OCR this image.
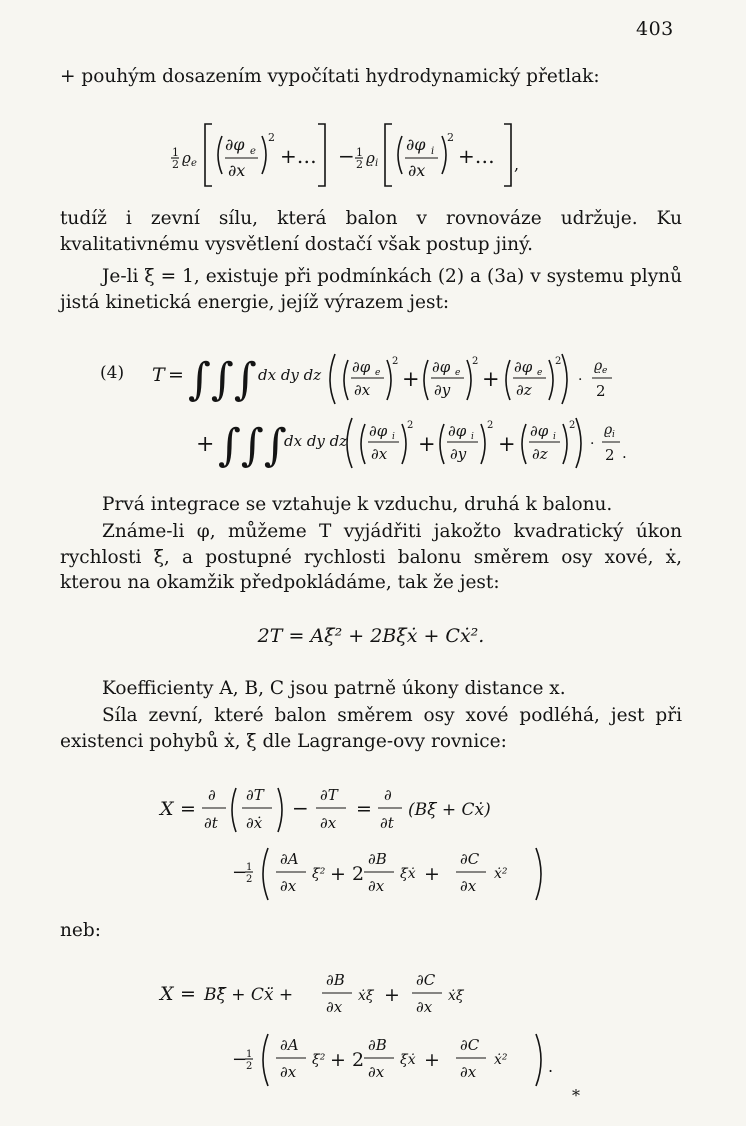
403

+ pouhým dosazením vypočítati hydrodynamický přetlak:

1
2 ϱ e
∂φ e
∂x
2
+… − 1
2 ϱ i
∂φ i
∂x
2
+… ,

tudíž i zevní sílu, která balon v rovnováze udržuje. Ku kvalitativnému vysvětlení dostačí však postup jiný.

Je-li ξ = 1, existuje při podmínkách (2) a (3a) v systemu plynů jistá kinetická energie, jejíž výrazem jest:

(4) T = ∫∫∫ dx dy dz ∂φ e
∂x
2
+ ∂φ e
∂y
2
+ ∂φ e
∂z
2
·
ϱ e
2
+ ∫∫∫
dx dy dz
∂φ i
∂x
2
+
∂φ i
∂y
2
+
∂φ i
∂z
2
·
ϱ i
2 .

Prvá integrace se vztahuje k vzduchu, druhá k balonu.

Známe-li φ, můžeme T vyjádřiti jakožto kvadratický úkon rychlosti ξ̇, a postupné rychlosti balonu směrem osy xové, ẋ, kterou na okamžik předpokládáme, tak že jest:

2T = Aξ̇² + 2Bξ̇ẋ + Cẋ².

Koefficienty A, B, C jsou patrně úkony distance x.

Síla zevní, které balon směrem osy xové podléhá, jest při existenci pohybů ẋ, ξ̇ dle Lagrange-ovy rovnice:

X =
∂
∂t
∂T
∂ẋ
−
∂T
∂x
=
∂
∂t
(Bξ̇ + Cẋ)
−
1
2
∂A
∂x
ξ̇² + 2
∂B
∂x
ξ̇ẋ +
∂C
∂x
ẋ²
neb:
X = Bξ̈ + Cẍ +
∂B
∂x
ẋξ̇ +
∂C
∂x
ẋξ̇
−
1
2
∂A
∂x
ξ̇² + 2
∂B
∂x
ξ̇ẋ +
∂C
∂x
ẋ²	.
*
